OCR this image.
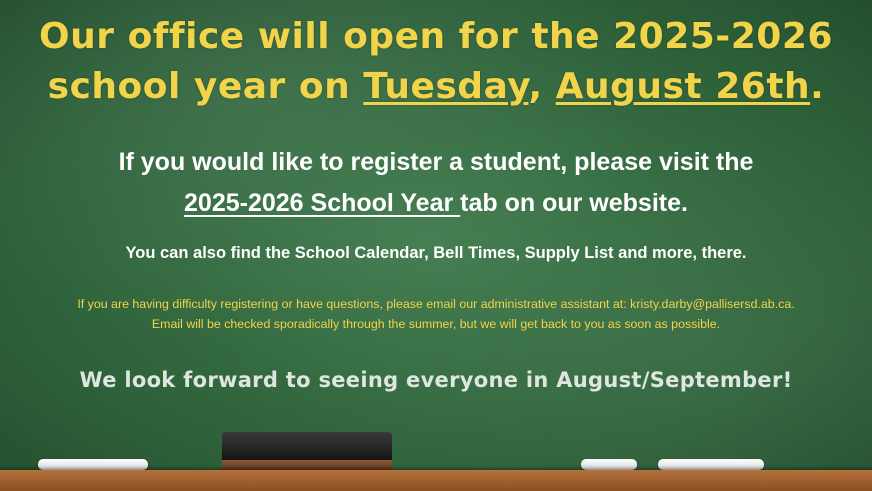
Our office will open for the 2025-2026
school year on Tuesday, August 26th.
If you would like to register a student, please visit the
2025-2026 School Year tab on our website.
You can also find the School Calendar, Bell Times, Supply List and more, there.
If you are having difficulty registering or have questions, please email our administrative assistant at: kristy.darby@pallisersd.ab.ca.
Email will be checked sporadically through the summer, but we will get back to you as soon as possible.
We look forward to seeing everyone in August/September!
